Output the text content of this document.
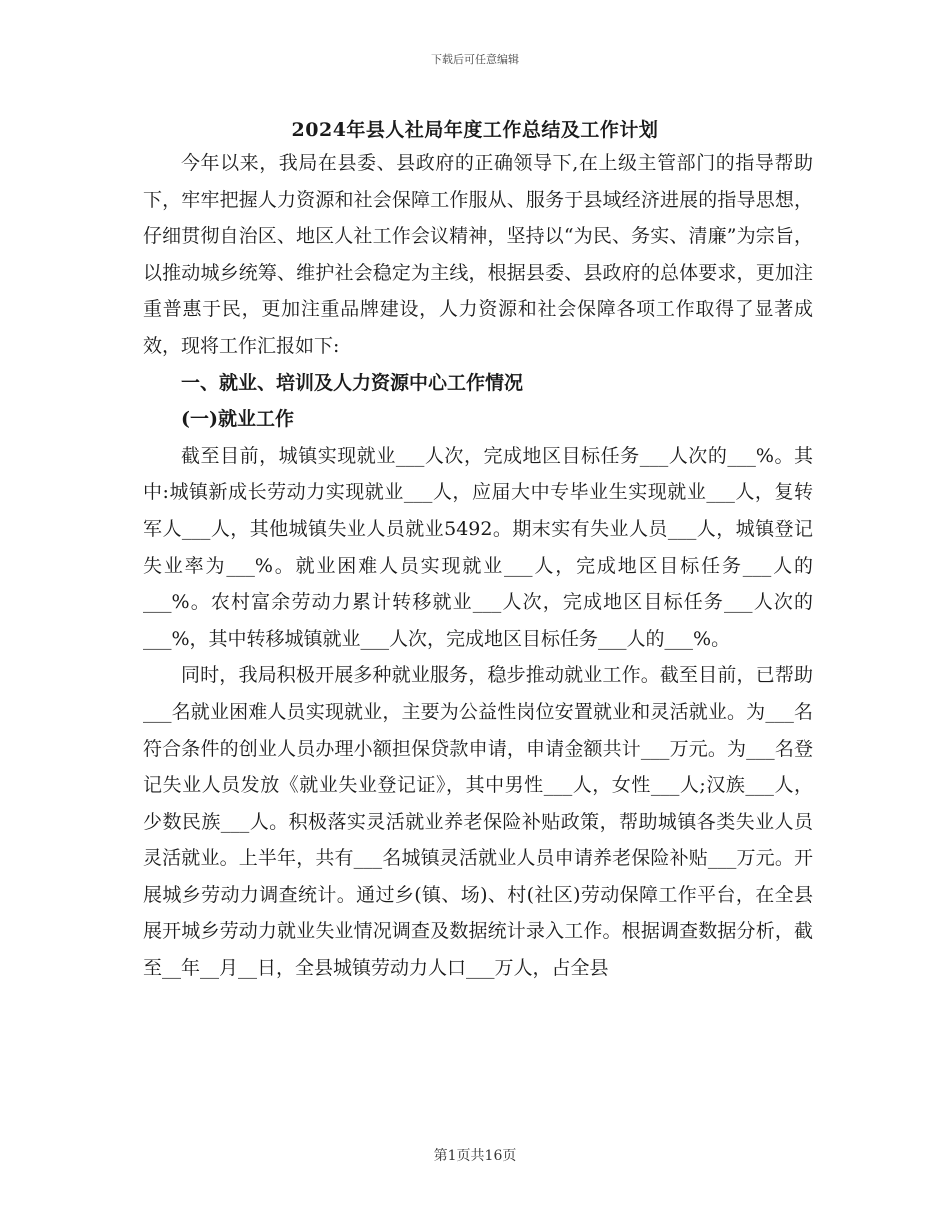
下载后可任意编辑
2024年县人社局年度工作总结及工作计划

今年以来，我局在县委、县政府的正确领导下,在上级主管部门的指导帮助下，牢牢把握人力资源和社会保障工作服从、服务于县域经济进展的指导思想，仔细贯彻自治区、地区人社工作会议精神，坚持以“为民、务实、清廉”为宗旨，以推动城乡统筹、维护社会稳定为主线，根据县委、县政府的总体要求，更加注重普惠于民，更加注重品牌建设，人力资源和社会保障各项工作取得了显著成效，现将工作汇报如下:

一、就业、培训及人力资源中心工作情况

(一)就业工作

截至目前，城镇实现就业___人次，完成地区目标任务___人次的___%。其中:城镇新成长劳动力实现就业___人，应届大中专毕业生实现就业___人，复转军人___人，其他城镇失业人员就业5492。期末实有失业人员___人，城镇登记失业率为___%。就业困难人员实现就业___人，完成地区目标任务___人的___%。农村富余劳动力累计转移就业___人次，完成地区目标任务___人次的___%，其中转移城镇就业___人次，完成地区目标任务___人的___%。

同时，我局积极开展多种就业服务，稳步推动就业工作。截至目前，已帮助___名就业困难人员实现就业，主要为公益性岗位安置就业和灵活就业。为___名符合条件的创业人员办理小额担保贷款申请，申请金额共计___万元。为___名登记失业人员发放《就业失业登记证》，其中男性___人，女性___人;汉族___人，少数民族___人。积极落实灵活就业养老保险补贴政策，帮助城镇各类失业人员灵活就业。上半年，共有___名城镇灵活就业人员申请养老保险补贴___万元。开展城乡劳动力调查统计。通过乡(镇、场)、村(社区)劳动保障工作平台，在全县展开城乡劳动力就业失业情况调查及数据统计录入工作。根据调查数据分析，截至__年__月__日，全县城镇劳动力人口___万人，占全县

第1页共16页
